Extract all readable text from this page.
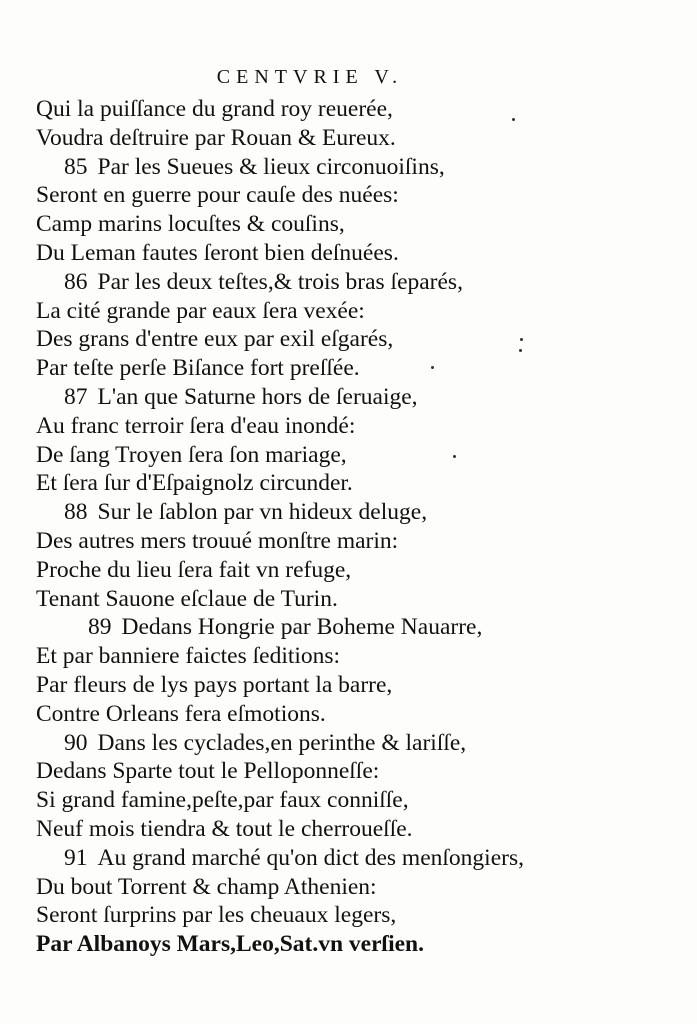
CENTVRIE V.
Qui la puiſſance du grand roy reuerée,
Voudra deſtruire par Rouan & Eureux.
85 Par les Sueues & lieux circonuoiſins,
Seront en guerre pour cauſe des nuées:
Camp marins locuſtes & couſins,
Du Leman fautes ſeront bien deſnuées.
86 Par les deux teſtes,& trois bras ſeparés,
La cité grande par eaux ſera vexée:
Des grans d'entre eux par exil eſgarés,
Par teſte perſe Biſance fort preſſée.
87 L'an que Saturne hors de ſeruaige,
Au franc terroir ſera d'eau inondé:
De ſang Troyen ſera ſon mariage,
Et ſera ſur d'Eſpaignolz circunder.
88 Sur le ſablon par vn hideux deluge,
Des autres mers trouué monſtre marin:
Proche du lieu ſera fait vn refuge,
Tenant Sauone eſclaue de Turin.
89 Dedans Hongrie par Boheme Nauarre,
Et par banniere faictes ſeditions:
Par fleurs de lys pays portant la barre,
Contre Orleans fera eſmotions.
90 Dans les cyclades,en perinthe & lariſſe,
Dedans Sparte tout le Pelloponneſſe:
Si grand famine,peſte,par faux conniſſe,
Neuf mois tiendra & tout le cherroueſſe.
91 Au grand marché qu'on dict des menſongiers,
Du bout Torrent & champ Athenien:
Seront ſurprins par les cheuaux legers,
Par Albanoys Mars,Leo,Sat.vn verſien.
